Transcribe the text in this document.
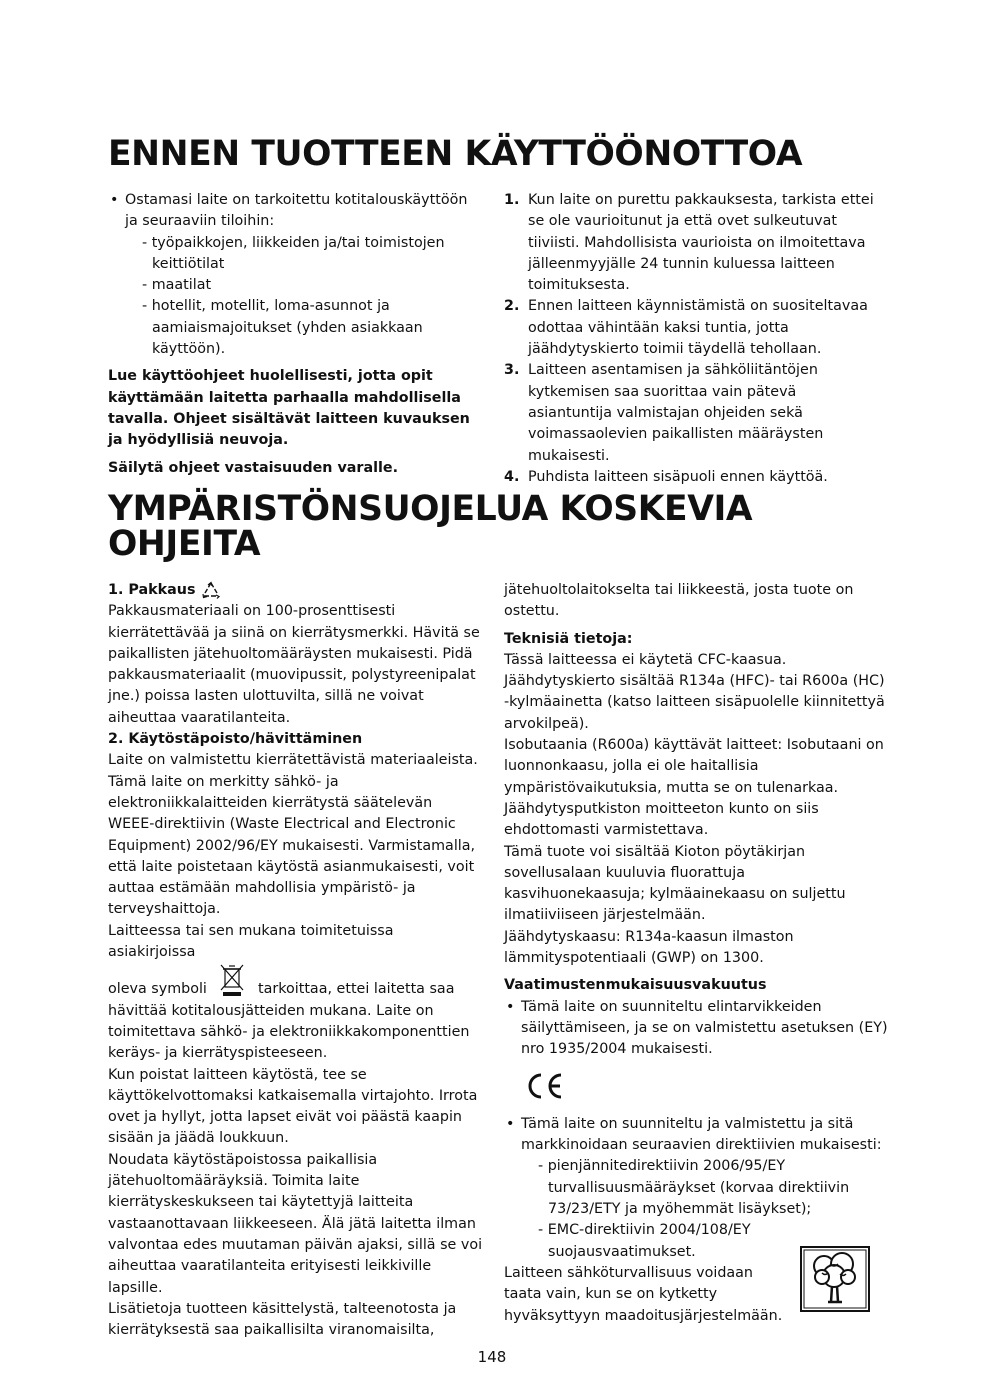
ENNEN TUOTTEEN KÄYTTÖÖNOTTOA
• Ostamasi laite on tarkoitettu kotitalouskäyttöön ja seuraaviin tiloihin:

- työpaikkojen, liikkeiden ja/tai toimistojen keittiötilat

- maatilat

- hotellit, motellit, loma-asunnot ja aamiaismajoitukset (yhden asiakkaan käyttöön).

Lue käyttöohjeet huolellisesti, jotta opit käyttämään laitetta parhaalla mahdollisella tavalla. Ohjeet sisältävät laitteen kuvauksen ja hyödyllisiä neuvoja.

Säilytä ohjeet vastaisuuden varalle.

1. Kun laite on purettu pakkauksesta, tarkista ettei se ole vaurioitunut ja että ovet sulkeutuvat tiiviisti. Mahdollisista vaurioista on ilmoitettava jälleenmyyjälle 24 tunnin kuluessa laitteen toimituksesta.

2. Ennen laitteen käynnistämistä on suositeltavaa odottaa vähintään kaksi tuntia, jotta jäähdytyskierto toimii täydellä tehollaan.

3. Laitteen asentamisen ja sähköliitäntöjen kytkemisen saa suorittaa vain pätevä asiantuntija valmistajan ohjeiden sekä voimassaolevien paikallisten määräysten mukaisesti.

4. Puhdista laitteen sisäpuoli ennen käyttöä.

YMPÄRISTÖNSUOJELUA KOSKEVIA
OHJEITA

1. Pakkaus

Pakkausmateriaali on 100-prosenttisesti kierrätettävää ja siinä on kierrätysmerkki. Hävitä se paikallisten jätehuoltomääräysten mukaisesti. Pidä pakkausmateriaalit (muovipussit, polystyreenipalat jne.) poissa lasten ulottuvilta, sillä ne voivat aiheuttaa vaaratilanteita.

2. Käytöstäpoisto/hävittäminen

Laite on valmistettu kierrätettävistä materiaaleista. Tämä laite on merkitty sähkö- ja elektroniikkalaitteiden kierrätystä säätelevän WEEE-direktiivin (Waste Electrical and Electronic Equipment) 2002/96/EY mukaisesti. Varmistamalla, että laite poistetaan käytöstä asianmukaisesti, voit auttaa estämään mahdollisia ympäristö- ja terveyshaittoja.

Laitteessa tai sen mukana toimitetuissa asiakirjoissa

oleva symboli	tarkoittaa, ettei laitetta saa hävittää kotitalousjätteiden mukana. Laite on toimitettava sähkö- ja elektroniikkakomponenttien keräys- ja kierrätyspisteeseen.

Kun poistat laitteen käytöstä, tee se käyttökelvottomaksi katkaisemalla virtajohto. Irrota ovet ja hyllyt, jotta lapset eivät voi päästä kaapin sisään ja jäädä loukkuun.

Noudata käytöstäpoistossa paikallisia jätehuoltomääräyksiä. Toimita laite kierrätyskeskukseen tai käytettyjä laitteita vastaanottavaan liikkeeseen. Älä jätä laitetta ilman valvontaa edes muutaman päivän ajaksi, sillä se voi aiheuttaa vaaratilanteita erityisesti leikkiville lapsille.

Lisätietoja tuotteen käsittelystä, talteenotosta ja kierrätyksestä saa paikallisilta viranomaisilta,

jätehuoltolaitokselta tai liikkeestä, josta tuote on ostettu.

Teknisiä tietoja:

Tässä laitteessa ei käytetä CFC-kaasua.

Jäähdytyskierto sisältää R134a (HFC)- tai R600a (HC) -kylmäainetta (katso laitteen sisäpuolelle kiinnitettyä arvokilpeä).

Isobutaania (R600a) käyttävät laitteet: Isobutaani on luonnonkaasu, jolla ei ole haitallisia ympäristövaikutuksia, mutta se on tulenarkaa. Jäähdytysputkiston moitteeton kunto on siis ehdottomasti varmistettava.

Tämä tuote voi sisältää Kioton pöytäkirjan sovellusalaan kuuluvia fluorattuja kasvihuonekaasuja; kylmäainekaasu on suljettu ilmatiiviiseen järjestelmään.

Jäähdytyskaasu: R134a-kaasun ilmaston lämmityspotentiaali (GWP) on 1300.

Vaatimustenmukaisuusvakuutus

• Tämä laite on suunniteltu elintarvikkeiden säilyttämiseen, ja se on valmistettu asetuksen (EY) nro 1935/2004 mukaisesti.

• Tämä laite on suunniteltu ja valmistettu ja sitä markkinoidaan seuraavien direktiivien mukaisesti:

- pienjännitedirektiivin 2006/95/EY turvallisuusmääräykset (korvaa direktiivin 73/23/ETY ja myöhemmät lisäykset);

- EMC-direktiivin 2004/108/EY suojausvaatimukset.

Laitteen sähköturvallisuus voidaan taata vain, kun se on kytketty hyväksyttyyn maadoitusjärjestelmään.

148
